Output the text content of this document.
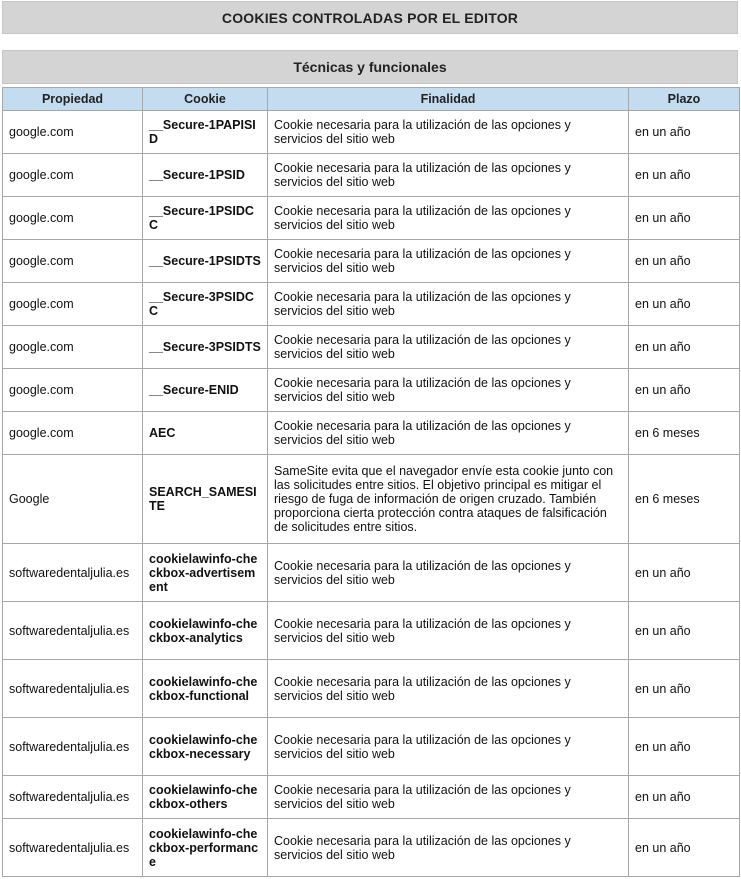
COOKIES CONTROLADAS POR EL EDITOR
Técnicas y funcionales
Propiedad	Cookie	Finalidad	Plazo
google.com	__Secure-1PAPISID	Cookie necesaria para la utilización de las opciones y servicios del sitio web	en un año
google.com	__Secure-1PSID	Cookie necesaria para la utilización de las opciones y servicios del sitio web	en un año
google.com	__Secure-1PSIDCC	Cookie necesaria para la utilización de las opciones y servicios del sitio web	en un año
google.com	__Secure-1PSIDTS	Cookie necesaria para la utilización de las opciones y servicios del sitio web	en un año
google.com	__Secure-3PSIDCC	Cookie necesaria para la utilización de las opciones y servicios del sitio web	en un año
google.com	__Secure-3PSIDTS	Cookie necesaria para la utilización de las opciones y servicios del sitio web	en un año
google.com	__Secure-ENID	Cookie necesaria para la utilización de las opciones y servicios del sitio web	en un año
google.com	AEC	Cookie necesaria para la utilización de las opciones y servicios del sitio web	en 6 meses
Google	SEARCH_SAMESITE	SameSite evita que el navegador envíe esta cookie junto con las solicitudes entre sitios. El objetivo principal es mitigar el riesgo de fuga de información de origen cruzado. También proporciona cierta protección contra ataques de falsificación de solicitudes entre sitios.	en 6 meses
softwaredentaljulia.es	cookielawinfo-checkbox-advertisement	Cookie necesaria para la utilización de las opciones y servicios del sitio web	en un año
softwaredentaljulia.es	cookielawinfo-checkbox-analytics	Cookie necesaria para la utilización de las opciones y servicios del sitio web	en un año
softwaredentaljulia.es	cookielawinfo-checkbox-functional	Cookie necesaria para la utilización de las opciones y servicios del sitio web	en un año
softwaredentaljulia.es	cookielawinfo-checkbox-necessary	Cookie necesaria para la utilización de las opciones y servicios del sitio web	en un año
softwaredentaljulia.es	cookielawinfo-checkbox-others	Cookie necesaria para la utilización de las opciones y servicios del sitio web	en un año
softwaredentaljulia.es	cookielawinfo-checkbox-performance	Cookie necesaria para la utilización de las opciones y servicios del sitio web	en un año
